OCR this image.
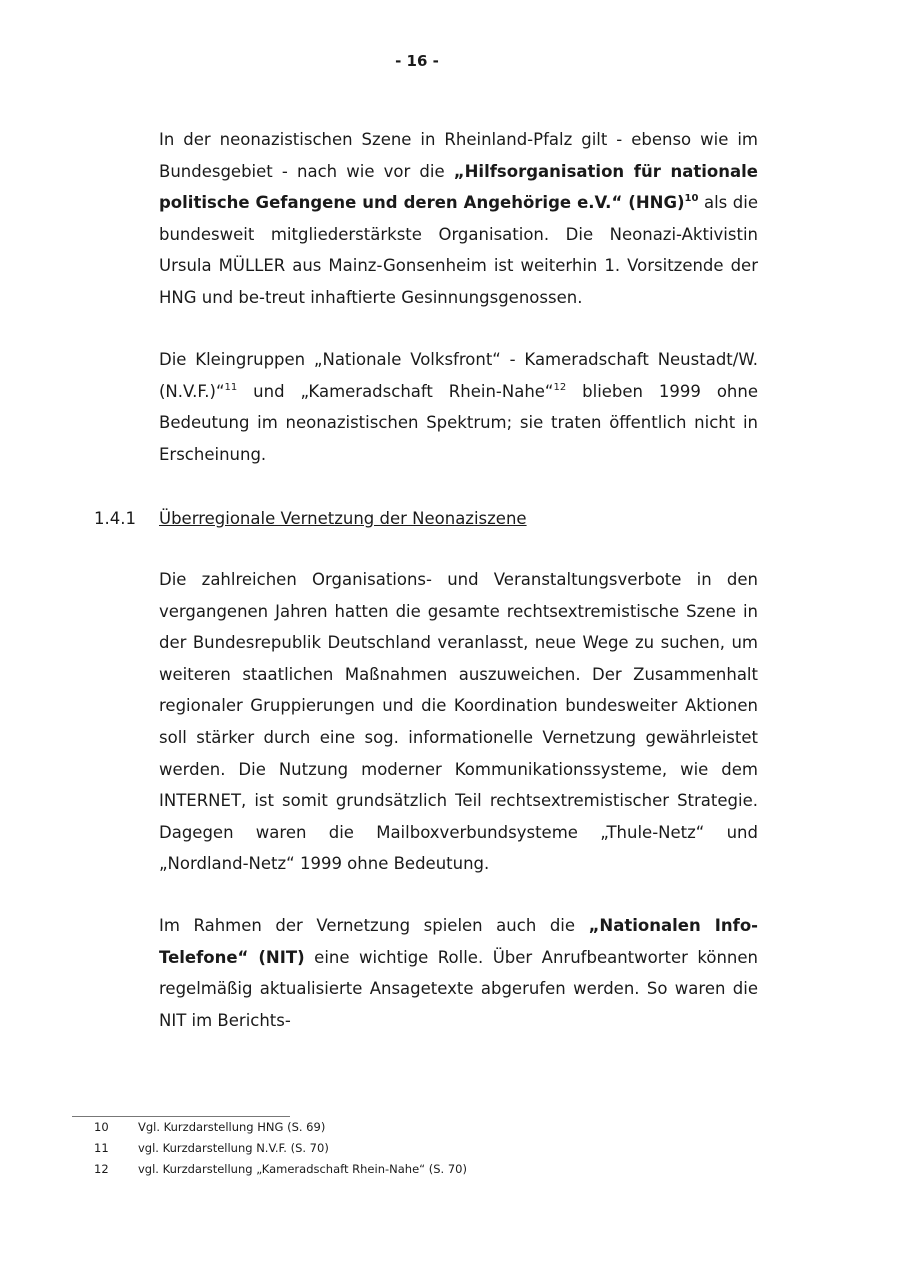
- 16 -

In der neonazistischen Szene in Rheinland-Pfalz gilt - ebenso wie im Bundesgebiet - nach wie vor die „Hilfsorganisation für nationale politische Gefangene und deren Angehörige e.V.“ (HNG)$^{10}$ als die bundesweit mitgliederstärkste Organisation. Die Neonazi-Aktivistin Ursula MÜLLER aus Mainz-Gonsenheim ist weiterhin 1. Vorsitzende der HNG und be-treut inhaftierte Gesinnungsgenossen.

Die Kleingruppen „Nationale Volksfront“ - Kameradschaft Neustadt/W. (N.V.F.)“$^{11}$ und „Kameradschaft Rhein-Nahe“$^{12}$ blieben 1999 ohne Bedeutung im neonazistischen Spektrum; sie traten öffentlich nicht in Erscheinung.

1.4.1 Überregionale Vernetzung der Neonaziszene

Die zahlreichen Organisations- und Veranstaltungsverbote in den vergangenen Jahren hatten die gesamte rechtsextremistische Szene in der Bundesrepublik Deutschland veranlasst, neue Wege zu suchen, um weiteren staatlichen Maßnahmen auszuweichen. Der Zusammenhalt regionaler Gruppierungen und die Koordination bundesweiter Aktionen soll stärker durch eine sog. informationelle Vernetzung gewährleistet werden. Die Nutzung moderner Kommunikationssysteme, wie dem INTERNET, ist somit grundsätzlich Teil rechtsextremistischer Strategie. Dagegen waren die Mailboxverbundsysteme „Thule-Netz“ und „Nordland-Netz“ 1999 ohne Bedeutung.

Im Rahmen der Vernetzung spielen auch die „Nationalen Info-Telefone“ (NIT) eine wichtige Rolle. Über Anrufbeantworter können regelmäßig aktualisierte Ansagetexte abgerufen werden. So waren die NIT im Berichts-

10	Vgl. Kurzdarstellung HNG (S. 69)
11	vgl. Kurzdarstellung N.V.F. (S. 70)
12	vgl. Kurzdarstellung „Kameradschaft Rhein-Nahe“ (S. 70)
